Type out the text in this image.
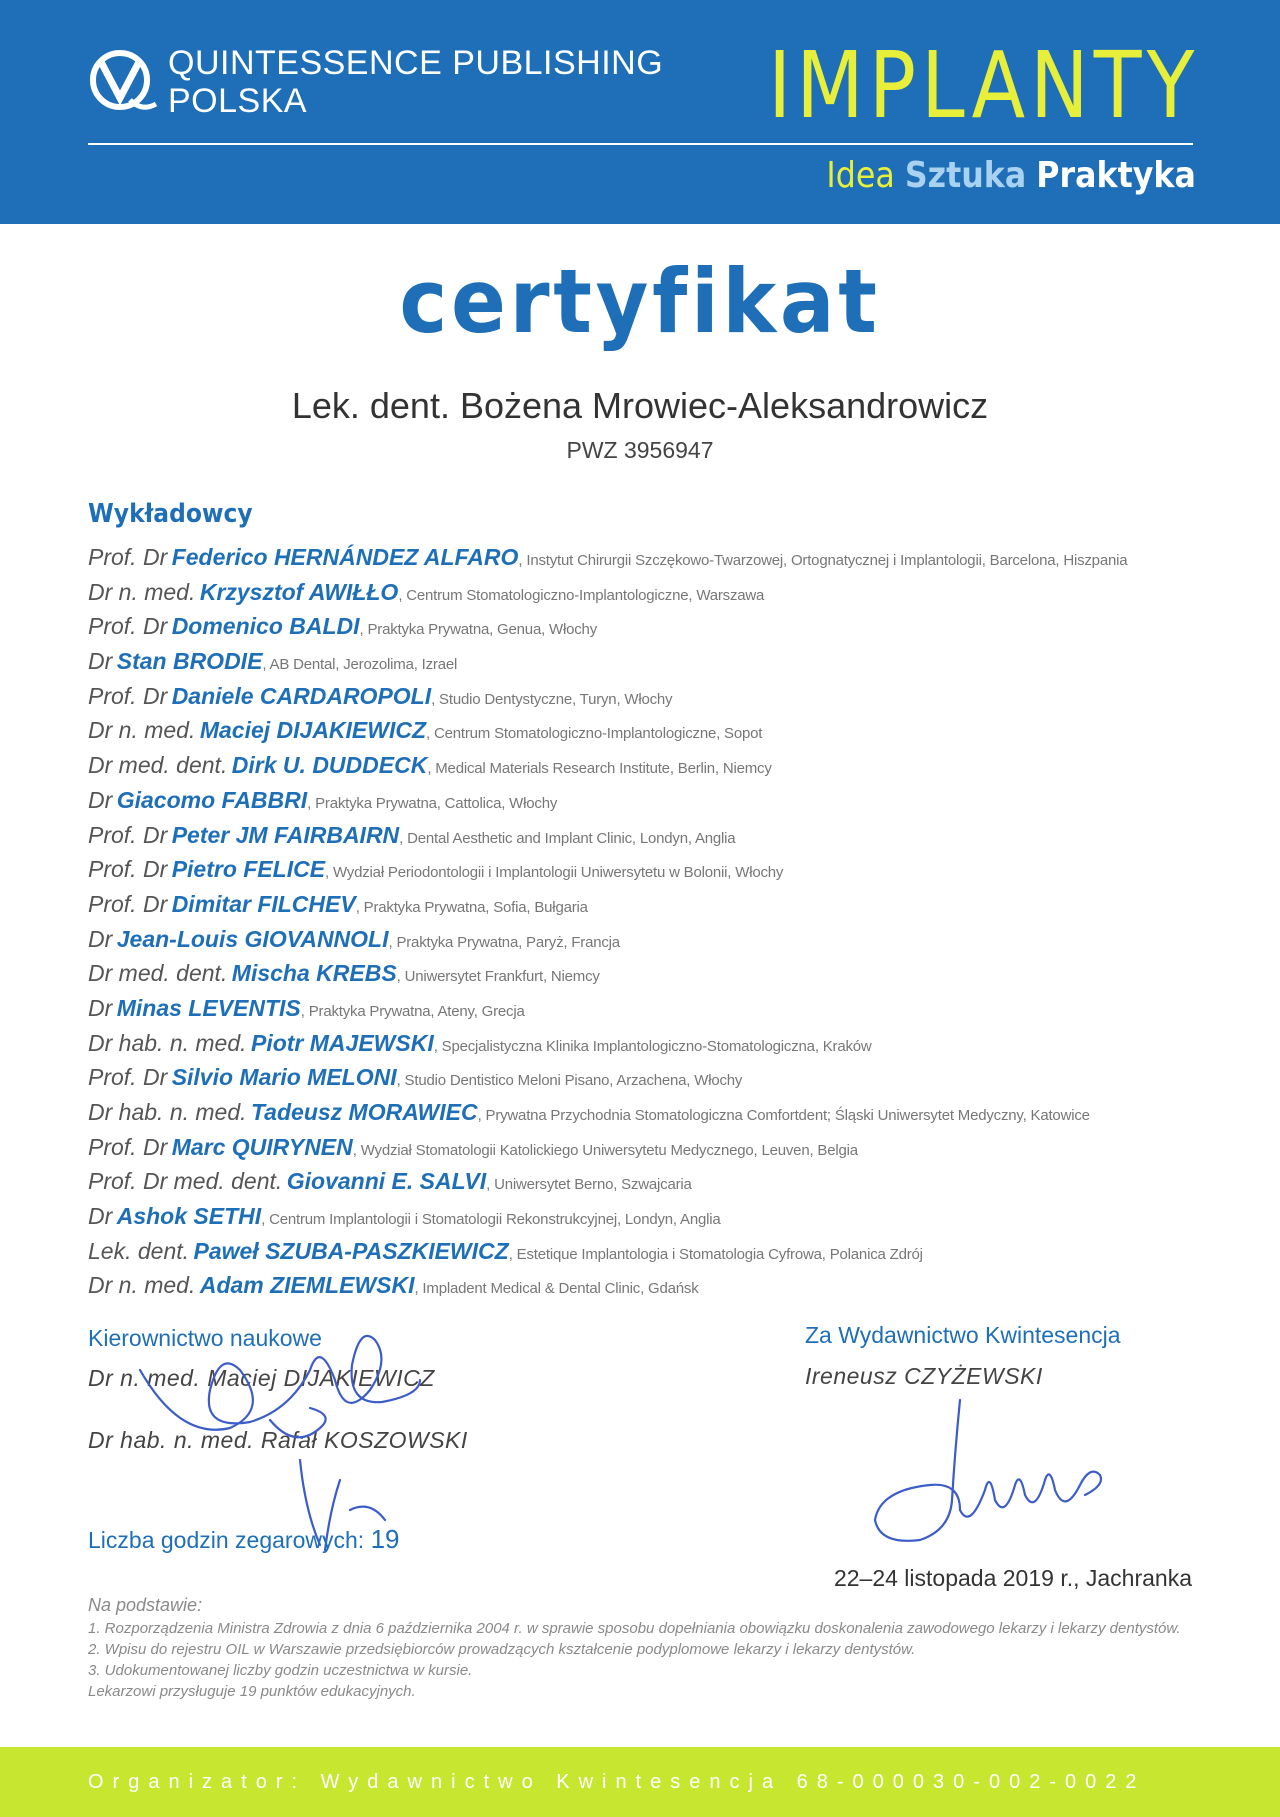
QUINTESSENCE PUBLISHING
POLSKA	IMPLANTY
Idea Sztuka Praktyka
certyfikat
Lek. dent. Bożena Mrowiec-Aleksandrowicz
PWZ 3956947
Wykładowcy
Prof. Dr Federico HERNÁNDEZ ALFARO, Instytut Chirurgii Szczękowo-Twarzowej, Ortognatycznej i Implantologii, Barcelona, Hiszpania
Dr n. med. Krzysztof AWIŁŁO, Centrum Stomatologiczno-Implantologiczne, Warszawa
Prof. Dr Domenico BALDI, Praktyka Prywatna, Genua, Włochy
Dr Stan BRODIE, AB Dental, Jerozolima, Izrael
Prof. Dr Daniele CARDAROPOLI, Studio Dentystyczne, Turyn, Włochy
Dr n. med. Maciej DIJAKIEWICZ, Centrum Stomatologiczno-Implantologiczne, Sopot
Dr med. dent. Dirk U. DUDDECK, Medical Materials Research Institute, Berlin, Niemcy
Dr Giacomo FABBRI, Praktyka Prywatna, Cattolica, Włochy
Prof. Dr Peter JM FAIRBAIRN, Dental Aesthetic and Implant Clinic, Londyn, Anglia
Prof. Dr Pietro FELICE, Wydział Periodontologii i Implantologii Uniwersytetu w Bolonii, Włochy
Prof. Dr Dimitar FILCHEV, Praktyka Prywatna, Sofia, Bułgaria
Dr Jean-Louis GIOVANNOLI, Praktyka Prywatna, Paryż, Francja
Dr med. dent. Mischa KREBS, Uniwersytet Frankfurt, Niemcy
Dr Minas LEVENTIS, Praktyka Prywatna, Ateny, Grecja
Dr hab. n. med. Piotr MAJEWSKI, Specjalistyczna Klinika Implantologiczno-Stomatologiczna, Kraków
Prof. Dr Silvio Mario MELONI, Studio Dentistico Meloni Pisano, Arzachena, Włochy
Dr hab. n. med. Tadeusz MORAWIEC, Prywatna Przychodnia Stomatologiczna Comfortdent; Śląski Uniwersytet Medyczny, Katowice
Prof. Dr Marc QUIRYNEN, Wydział Stomatologii Katolickiego Uniwersytetu Medycznego, Leuven, Belgia
Prof. Dr med. dent. Giovanni E. SALVI, Uniwersytet Berno, Szwajcaria
Dr Ashok SETHI, Centrum Implantologii i Stomatologii Rekonstrukcyjnej, Londyn, Anglia
Lek. dent. Paweł SZUBA-PASZKIEWICZ, Estetique Implantologia i Stomatologia Cyfrowa, Polanica Zdrój
Dr n. med. Adam ZIEMLEWSKI, Impladent Medical & Dental Clinic, Gdańsk
Kierownictwo naukowe
Dr n. med. Maciej DIJAKIEWICZ
Dr hab. n. med. Rafał KOSZOWSKI
Za Wydawnictwo Kwintesencja
Ireneusz CZYŻEWSKI
Liczba godzin zegarowych: 19
22–24 listopada 2019 r., Jachranka
Na podstawie:
1. Rozporządzenia Ministra Zdrowia z dnia 6 października 2004 r. w sprawie sposobu dopełniania obowiązku doskonalenia zawodowego lekarzy i lekarzy dentystów.
2. Wpisu do rejestru OIL w Warszawie przedsiębiorców prowadzących kształcenie podyplomowe lekarzy i lekarzy dentystów.
3. Udokumentowanej liczby godzin uczestnictwa w kursie.
Lekarzowi przysługuje 19 punktów edukacyjnych.
Organizator: Wydawnictwo Kwintesencja 68-000030-002-0022
